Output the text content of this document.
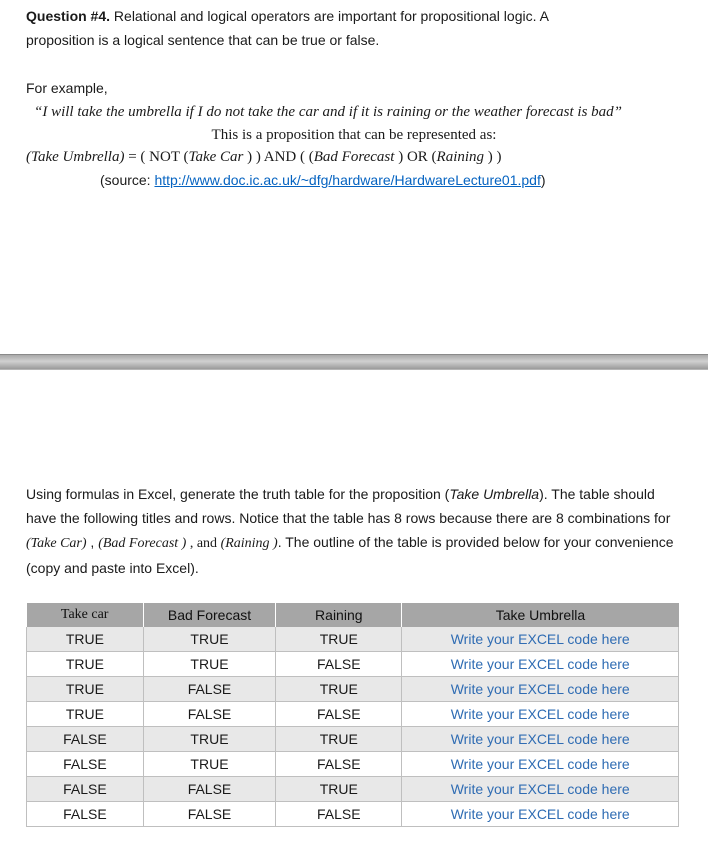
Question #4. Relational and logical operators are important for propositional logic. A
proposition is a logical sentence that can be true or false.
For example,
“I will take the umbrella if I do not take the car and if it is raining or the weather forecast is bad”
This is a proposition that can be represented as:
(Take Umbrella) = ( NOT (Take Car ) ) AND ( (Bad Forecast ) OR (Raining ) )
(source: http://www.doc.ic.ac.uk/~dfg/hardware/HardwareLecture01.pdf)
Using formulas in Excel, generate the truth table for the proposition (Take Umbrella). The table should have the following titles and rows. Notice that the table has 8 rows because there are 8 combinations for (Take Car) , (Bad Forecast ) , and (Raining ). The outline of the table is provided below for your convenience (copy and paste into Excel).
Take car	Bad Forecast	Raining	Take Umbrella
TRUE	TRUE	TRUE	Write your EXCEL code here
TRUE	TRUE	FALSE	Write your EXCEL code here
TRUE	FALSE	TRUE	Write your EXCEL code here
TRUE	FALSE	FALSE	Write your EXCEL code here
FALSE	TRUE	TRUE	Write your EXCEL code here
FALSE	TRUE	FALSE	Write your EXCEL code here
FALSE	FALSE	TRUE	Write your EXCEL code here
FALSE	FALSE	FALSE	Write your EXCEL code here
